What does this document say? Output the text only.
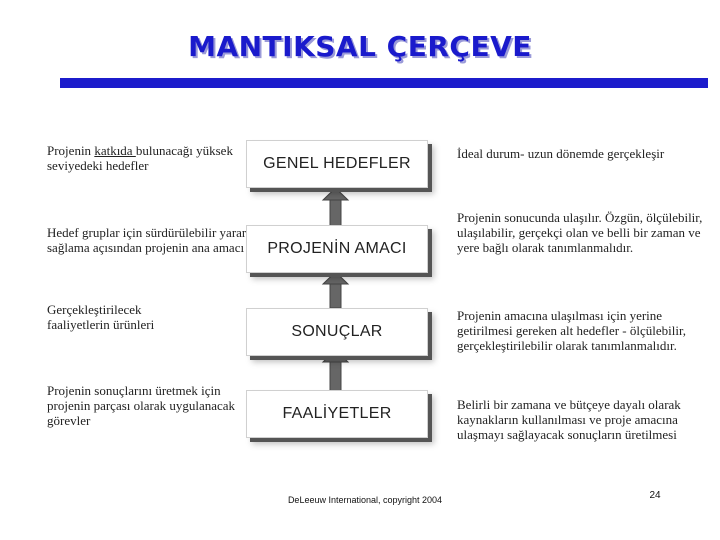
MANTIKSAL ÇERÇEVE
Projenin katkıda bulunacağı yüksek seviyedeki hedefler
Hedef gruplar için sürdürülebilir yarar sağlama açısından projenin ana amacı
Gerçekleştirilecek faaliyetlerin ürünleri
Projenin sonuçlarını üretmek için projenin parçası olarak uygulanacak görevler
GENEL HEDEFLER
PROJENİN AMACI
SONUÇLAR
FAALİYETLER
İdeal durum- uzun dönemde gerçekleşir
Projenin sonucunda ulaşılır. Özgün, ölçülebilir, ulaşılabilir, gerçekçi olan ve belli bir zaman ve yere bağlı olarak tanımlanmalıdır.
Projenin amacına ulaşılması için yerine getirilmesi gereken alt hedefler - ölçülebilir, gerçekleştirilebilir olarak tanımlanmalıdır.
Belirli bir zamana ve bütçeye dayalı olarak kaynakların kullanılması ve proje amacına ulaşmayı sağlayacak sonuçların üretilmesi
DeLeeuw International, copyright 2004	24
